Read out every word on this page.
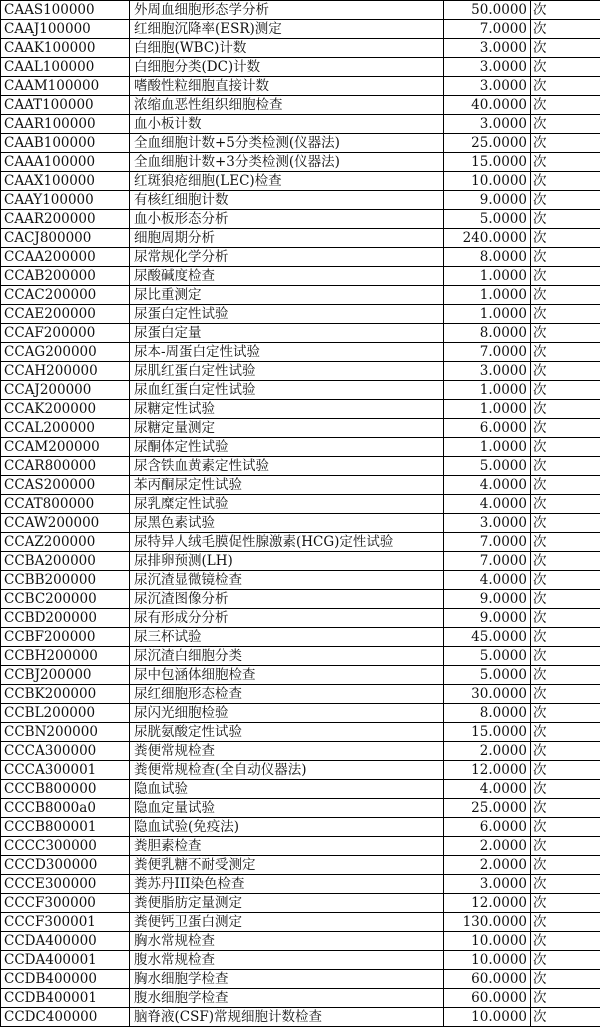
CAAS100000	外周血细胞形态学分析	50.0000	次
CAAJ100000	红细胞沉降率(ESR)测定	7.0000	次
CAAK100000	白细胞(WBC)计数	3.0000	次
CAAL100000	白细胞分类(DC)计数	3.0000	次
CAAM100000	嗜酸性粒细胞直接计数	3.0000	次
CAAT100000	浓缩血恶性组织细胞检查	40.0000	次
CAAR100000	血小板计数	3.0000	次
CAAB100000	全血细胞计数+5分类检测(仪器法)	25.0000	次
CAAA100000	全血细胞计数+3分类检测(仪器法)	15.0000	次
CAAX100000	红斑狼疮细胞(LEC)检查	10.0000	次
CAAY100000	有核红细胞计数	9.0000	次
CAAR200000	血小板形态分析	5.0000	次
CACJ800000	细胞周期分析	240.0000	次
CCAA200000	尿常规化学分析	8.0000	次
CCAB200000	尿酸碱度检查	1.0000	次
CCAC200000	尿比重测定	1.0000	次
CCAE200000	尿蛋白定性试验	1.0000	次
CCAF200000	尿蛋白定量	8.0000	次
CCAG200000	尿本-周蛋白定性试验	7.0000	次
CCAH200000	尿肌红蛋白定性试验	3.0000	次
CCAJ200000	尿血红蛋白定性试验	1.0000	次
CCAK200000	尿糖定性试验	1.0000	次
CCAL200000	尿糖定量测定	6.0000	次
CCAM200000	尿酮体定性试验	1.0000	次
CCAR800000	尿含铁血黄素定性试验	5.0000	次
CCAS200000	苯丙酮尿定性试验	4.0000	次
CCAT800000	尿乳糜定性试验	4.0000	次
CCAW200000	尿黑色素试验	3.0000	次
CCAZ200000	尿特异人绒毛膜促性腺激素(HCG)定性试验	7.0000	次
CCBA200000	尿排卵预测(LH)	7.0000	次
CCBB200000	尿沉渣显微镜检查	4.0000	次
CCBC200000	尿沉渣图像分析	9.0000	次
CCBD200000	尿有形成分分析	9.0000	次
CCBF200000	尿三杯试验	45.0000	次
CCBH200000	尿沉渣白细胞分类	5.0000	次
CCBJ200000	尿中包涵体细胞检查	5.0000	次
CCBK200000	尿红细胞形态检查	30.0000	次
CCBL200000	尿闪光细胞检验	8.0000	次
CCBN200000	尿胱氨酸定性试验	15.0000	次
CCCA300000	粪便常规检查	2.0000	次
CCCA300001	粪便常规检查(全自动仪器法)	12.0000	次
CCCB800000	隐血试验	4.0000	次
CCCB8000a0	隐血定量试验	25.0000	次
CCCB800001	隐血试验(免疫法)	6.0000	次
CCCC300000	粪胆素检查	2.0000	次
CCCD300000	粪便乳糖不耐受测定	2.0000	次
CCCE300000	粪苏丹III染色检查	3.0000	次
CCCF300000	粪便脂肪定量测定	12.0000	次
CCCF300001	粪便钙卫蛋白测定	130.0000	次
CCDA400000	胸水常规检查	10.0000	次
CCDA400001	腹水常规检查	10.0000	次
CCDB400000	胸水细胞学检查	60.0000	次
CCDB400001	腹水细胞学检查	60.0000	次
CCDC400000	脑脊液(CSF)常规细胞计数检查	10.0000	次
